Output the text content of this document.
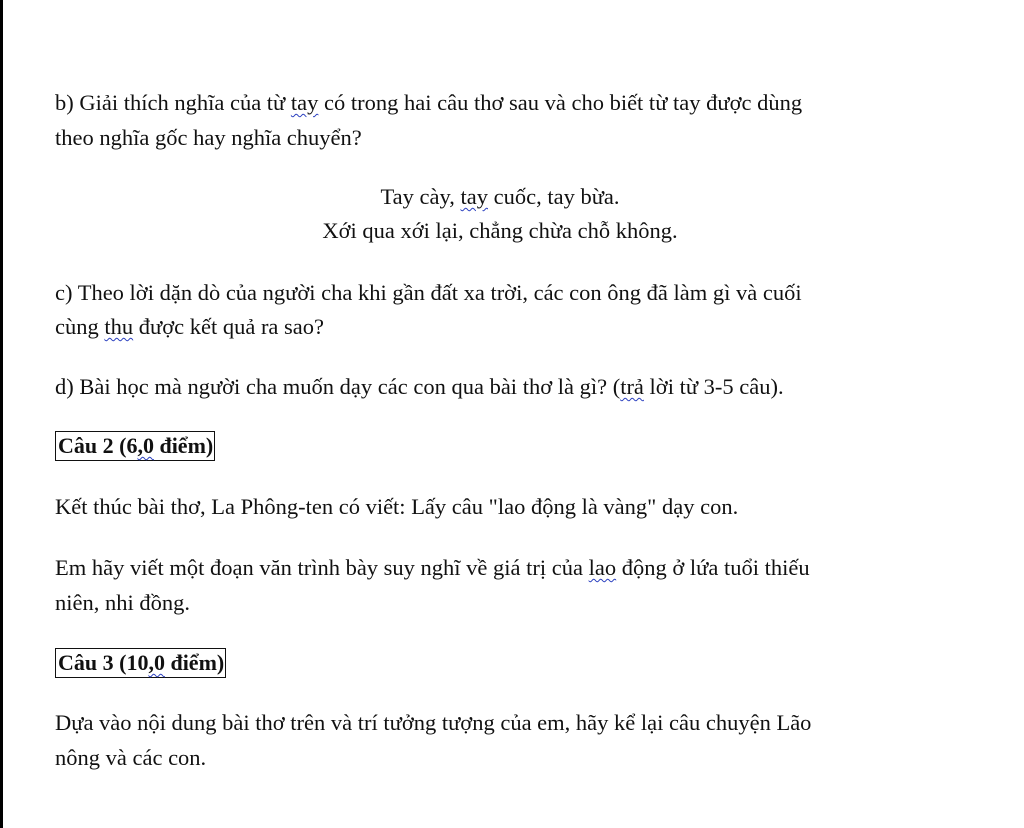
b) Giải thích nghĩa của từ tay có trong hai câu thơ sau và cho biết từ tay được dùng
theo nghĩa gốc hay nghĩa chuyển?
Tay cày, tay cuốc, tay bừa.
Xới qua xới lại, chẳng chừa chỗ không.
c) Theo lời dặn dò của người cha khi gần đất xa trời, các con ông đã làm gì và cuối
cùng thu được kết quả ra sao?
d) Bài học mà người cha muốn dạy các con qua bài thơ là gì? (trả lời từ 3-5 câu).
Câu 2 (6,0 điểm)
Kết thúc bài thơ, La Phông-ten có viết: Lấy câu "lao động là vàng" dạy con.
Em hãy viết một đoạn văn trình bày suy nghĩ về giá trị của lao động ở lứa tuổi thiếu
niên, nhi đồng.
Câu 3 (10,0 điểm)
Dựa vào nội dung bài thơ trên và trí tưởng tượng của em, hãy kể lại câu chuyện Lão
nông và các con.
